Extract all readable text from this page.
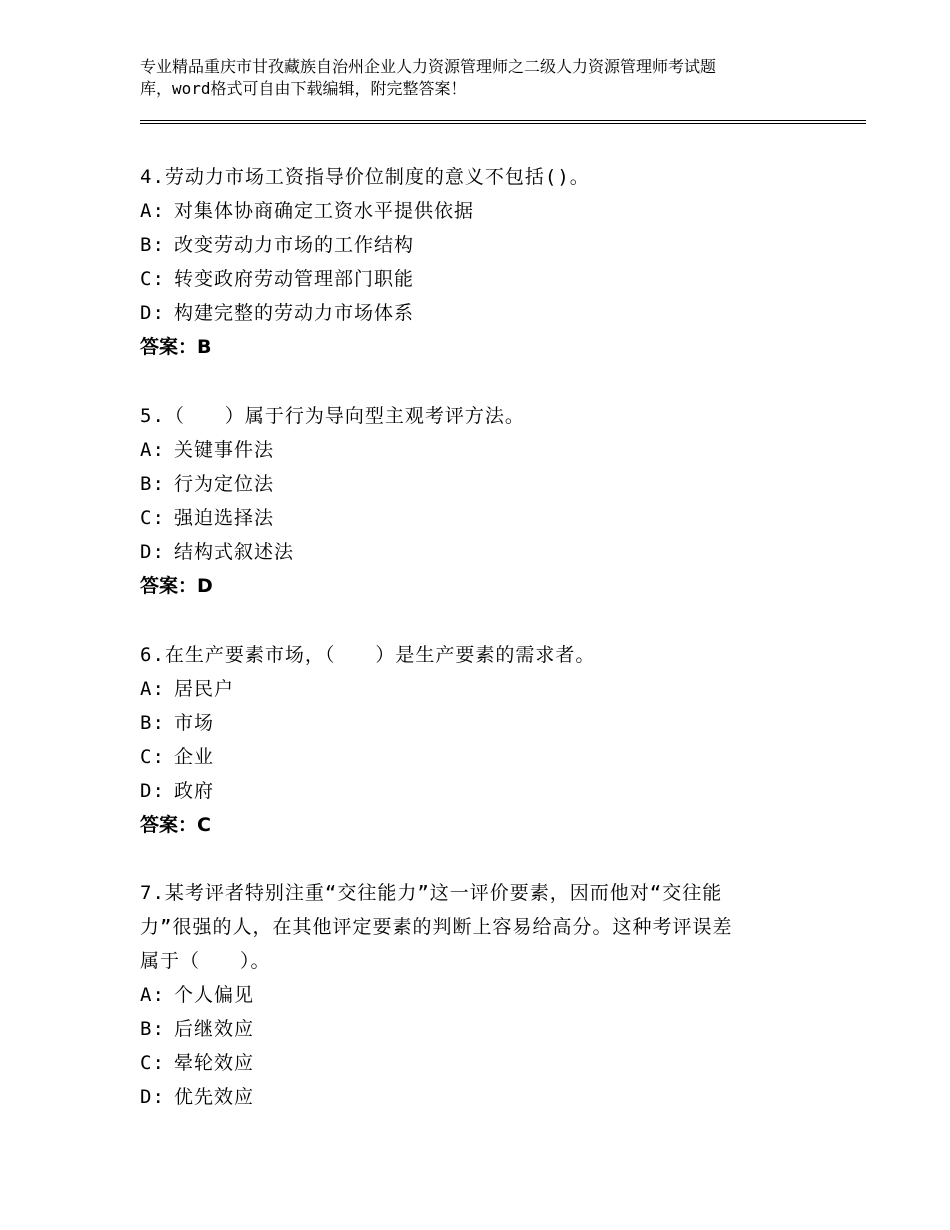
专业精品重庆市甘孜藏族自治州企业人力资源管理师之二级人力资源管理师考试题
库，word格式可自由下载编辑，附完整答案！
4.劳动力市场工资指导价位制度的意义不包括()。
A: 对集体协商确定工资水平提供依据
B: 改变劳动力市场的工作结构
C: 转变政府劳动管理部门职能
D: 构建完整的劳动力市场体系
答案：B
5.（　　）属于行为导向型主观考评方法。
A: 关键事件法
B: 行为定位法
C: 强迫选择法
D: 结构式叙述法
答案：D
6.在生产要素市场，（　　）是生产要素的需求者。
A: 居民户
B: 市场
C: 企业
D: 政府
答案：C
7.某考评者特别注重“交往能力”这一评价要素，因而他对“交往能
力”很强的人，在其他评定要素的判断上容易给高分。这种考评误差
属于（　　）。
A: 个人偏见
B: 后继效应
C: 晕轮效应
D: 优先效应
